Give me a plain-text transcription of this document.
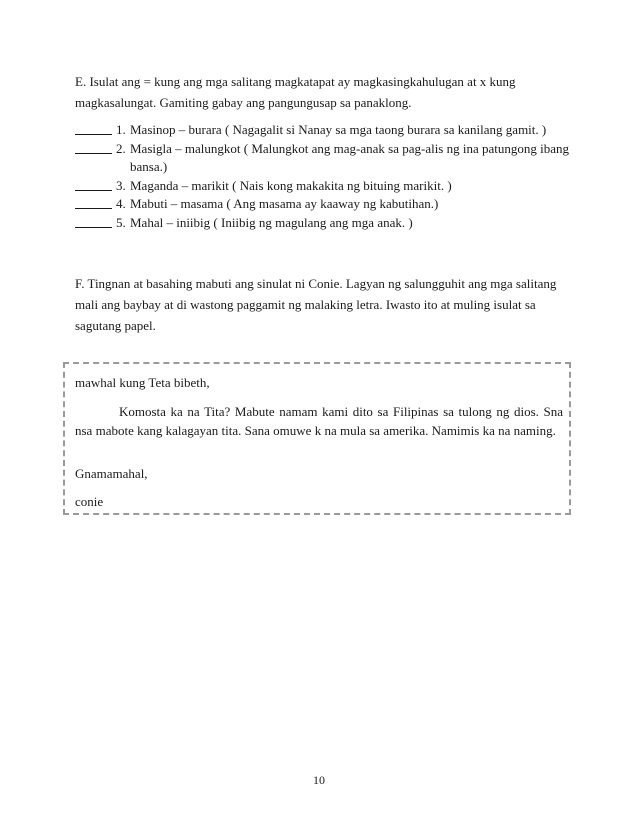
E. Isulat ang = kung ang mga salitang magkatapat ay magkasingkahulugan at x kung magkasalungat. Gamiting gabay ang pangungusap sa panaklong.

1. Masinop – burara ( Nagagalit si Nanay sa mga taong burara sa kanilang gamit. )
2. Masigla – malungkot ( Malungkot ang mag-anak sa pag-alis ng ina patungong ibang bansa.)
3. Maganda – marikit ( Nais kong makakita ng bituing marikit. )
4. Mabuti – masama ( Ang masama ay kaaway ng kabutihan.)
5. Mahal – iniibig ( Iniibig ng magulang ang mga anak. )

F. Tingnan at basahing mabuti ang sinulat ni Conie. Lagyan ng salungguhit ang mga salitang mali ang baybay at di wastong paggamit ng malaking letra. Iwasto ito at muling isulat sa sagutang papel.

mawhal kung Teta bibeth,

Komosta ka na Tita? Mabute namam kami dito sa Filipinas sa tulong ng dios. Sna nsa mabote kang kalagayan tita. Sana omuwe k na mula sa amerika. Namimis ka na naming.

Gnamamahal,

conie

10
